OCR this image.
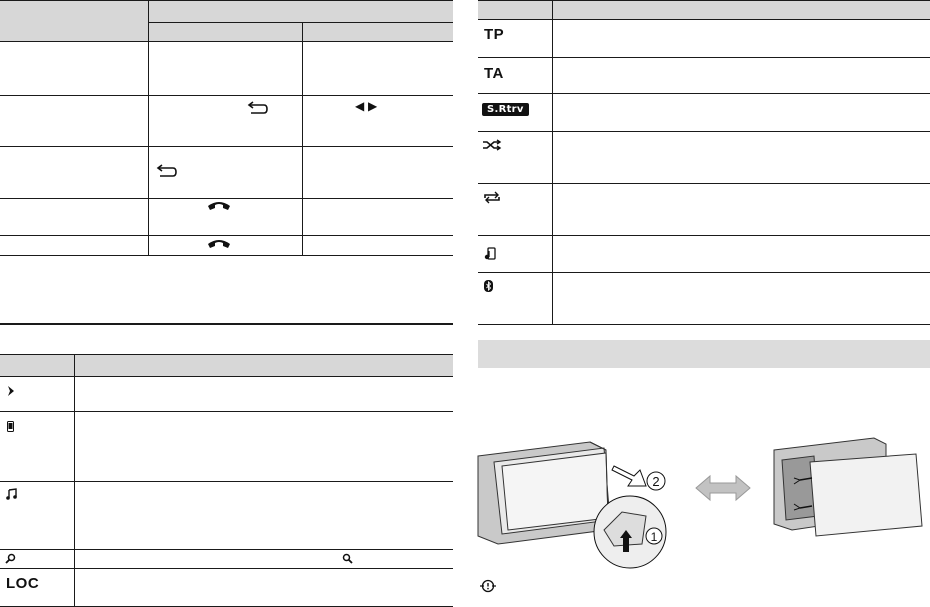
◀ ▶
LOC
TP
TA
S.Rtrv
2
1
